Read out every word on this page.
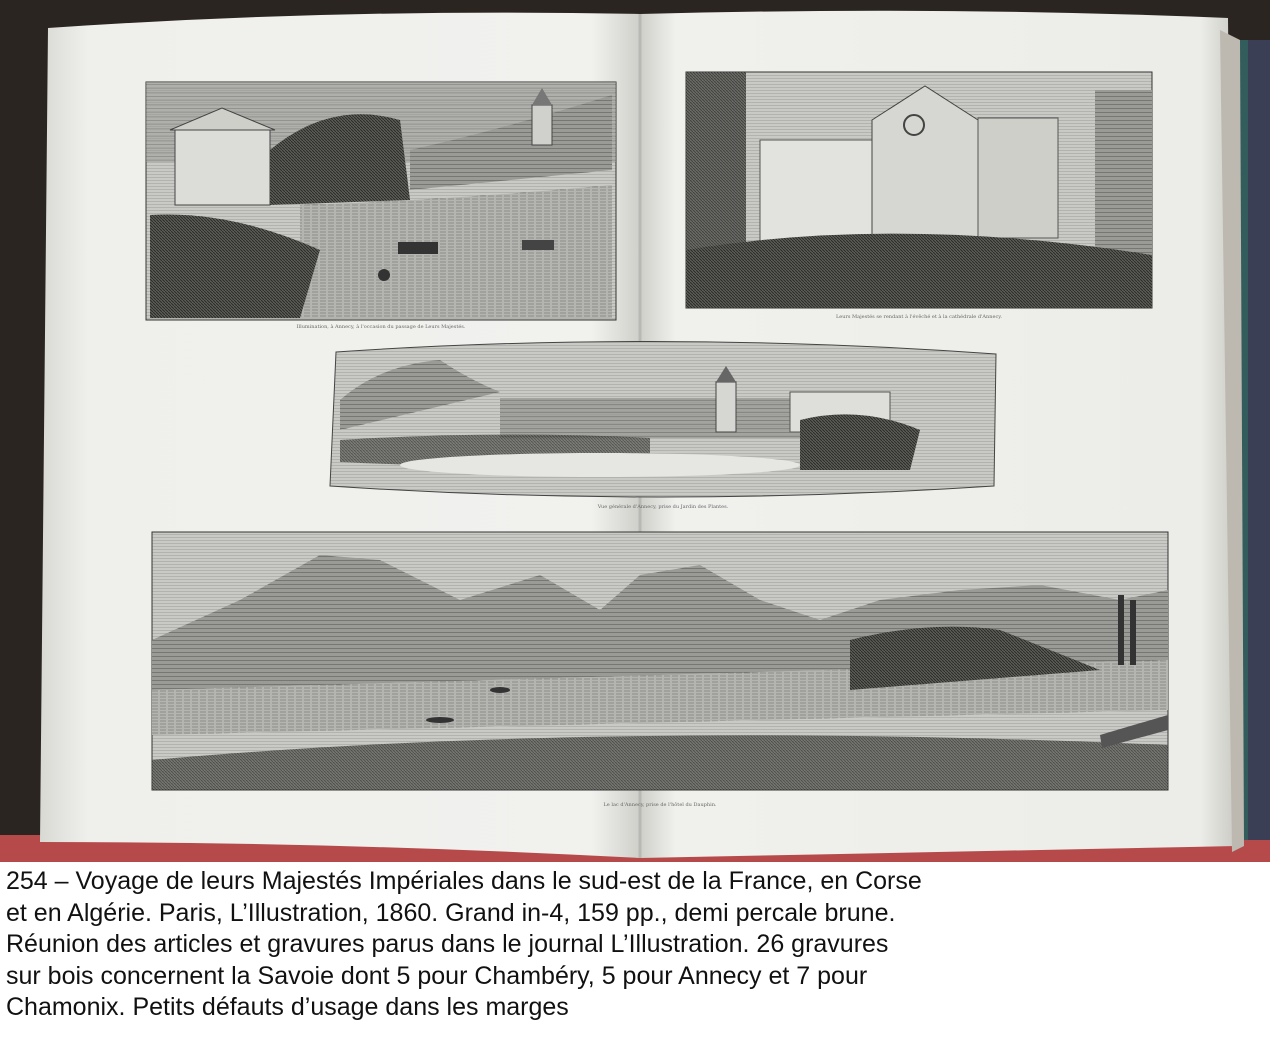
Illumination, à Annecy, à l'occasion du passage de Leurs Majestés.
Leurs Majestés se rendant à l'évêché et à la cathédrale d'Annecy.
Vue générale d'Annecy, prise du Jardin des Plantes.
Le lac d'Annecy, prise de l'hôtel du Dauphin.
254 – Voyage de leurs Majestés Impériales dans le sud-est de la France, en Corse
et en Algérie. Paris, L’Illustration, 1860. Grand in-4, 159 pp., demi percale brune.
Réunion des articles et gravures parus dans le journal L’Illustration. 26 gravures
sur bois concernent la Savoie dont 5 pour Chambéry, 5 pour Annecy et 7 pour
Chamonix. Petits défauts d’usage dans les marges
